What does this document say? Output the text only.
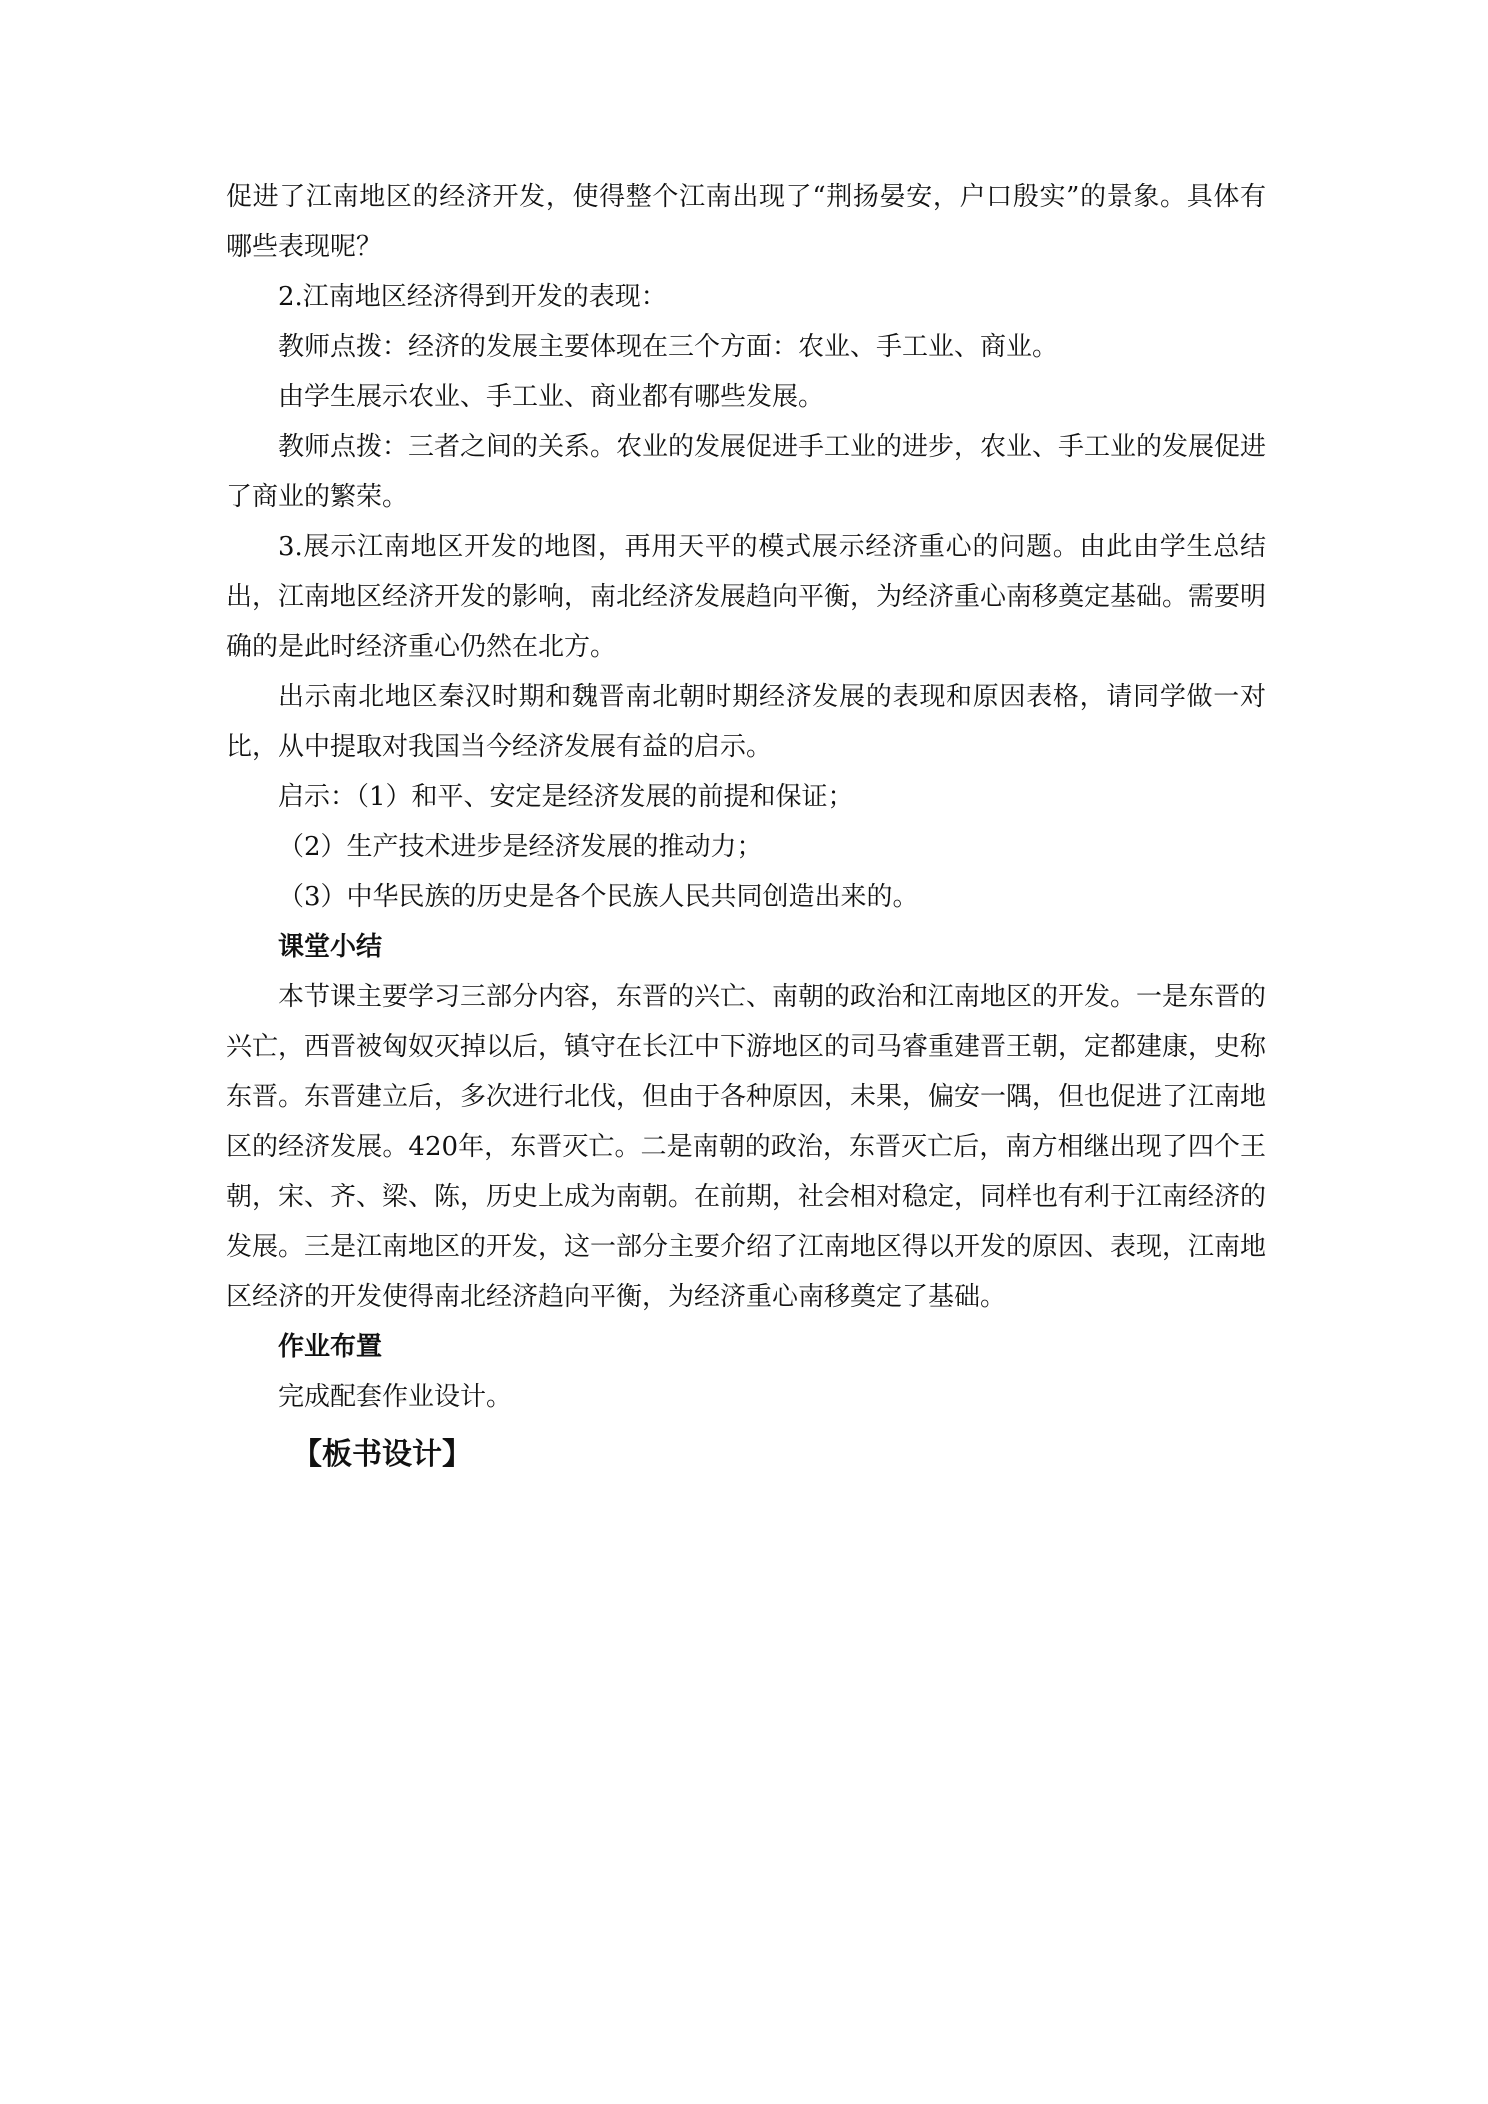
促进了江南地区的经济开发，使得整个江南出现了“荆扬晏安，户口殷实”的景象。具体有哪些表现呢？

2.江南地区经济得到开发的表现：

教师点拨：经济的发展主要体现在三个方面：农业、手工业、商业。

由学生展示农业、手工业、商业都有哪些发展。

教师点拨：三者之间的关系。农业的发展促进手工业的进步，农业、手工业的发展促进了商业的繁荣。

3.展示江南地区开发的地图，再用天平的模式展示经济重心的问题。由此由学生总结出，江南地区经济开发的影响，南北经济发展趋向平衡，为经济重心南移奠定基础。需要明确的是此时经济重心仍然在北方。

出示南北地区秦汉时期和魏晋南北朝时期经济发展的表现和原因表格，请同学做一对比，从中提取对我国当今经济发展有益的启示。

启示：（1）和平、安定是经济发展的前提和保证；

（2）生产技术进步是经济发展的推动力；

（3）中华民族的历史是各个民族人民共同创造出来的。

课堂小结

本节课主要学习三部分内容，东晋的兴亡、南朝的政治和江南地区的开发。一是东晋的兴亡，西晋被匈奴灭掉以后，镇守在长江中下游地区的司马睿重建晋王朝，定都建康，史称东晋。东晋建立后，多次进行北伐，但由于各种原因，未果，偏安一隅，但也促进了江南地区的经济发展。420年，东晋灭亡。二是南朝的政治，东晋灭亡后，南方相继出现了四个王朝，宋、齐、梁、陈，历史上成为南朝。在前期，社会相对稳定，同样也有利于江南经济的发展。三是江南地区的开发，这一部分主要介绍了江南地区得以开发的原因、表现，江南地区经济的开发使得南北经济趋向平衡，为经济重心南移奠定了基础。

作业布置

完成配套作业设计。

【板书设计】
